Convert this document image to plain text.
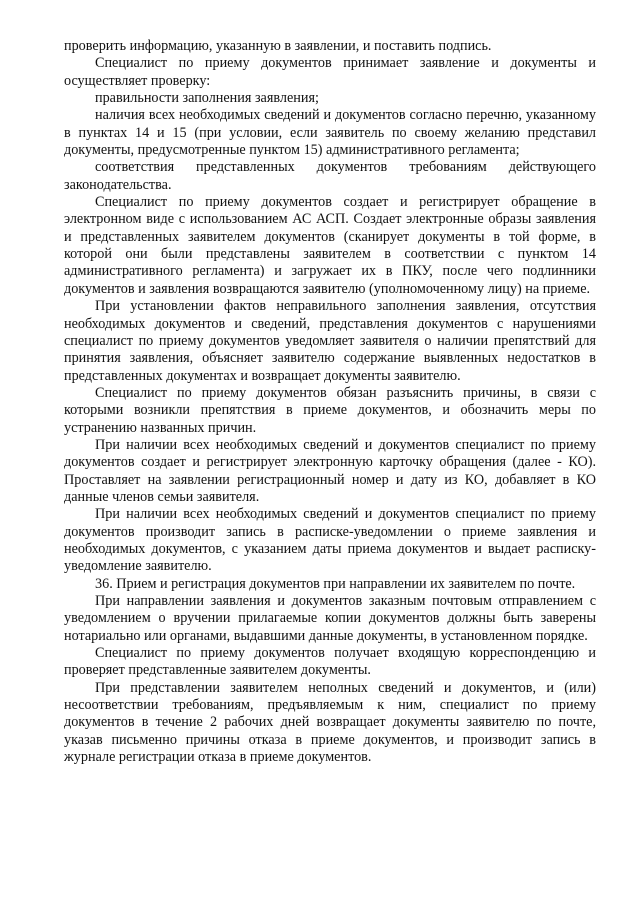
проверить информацию, указанную в заявлении, и поставить подпись.

Специалист по приему документов принимает заявление и документы и осуществляет проверку:

правильности заполнения заявления;

наличия всех необходимых сведений и документов согласно перечню, указанному в пунктах 14 и 15 (при условии, если заявитель по своему желанию представил документы, предусмотренные пунктом 15) административного регламента;

соответствия представленных документов требованиям действующего законодательства.

Специалист по приему документов создает и регистрирует обращение в электронном виде с использованием АС АСП. Создает электронные образы заявления и представленных заявителем документов (сканирует документы в той форме, в которой они были представлены заявителем в соответствии с пунктом 14 административного регламента) и загружает их в ПКУ, после чего подлинники документов и заявления возвращаются заявителю (уполномоченному лицу) на приеме.

При установлении фактов неправильного заполнения заявления, отсутствия необходимых документов и сведений, представления документов с нарушениями специалист по приему документов уведомляет заявителя о наличии препятствий для принятия заявления, объясняет заявителю содержание выявленных недостатков в представленных документах и возвращает документы заявителю.

Специалист по приему документов обязан разъяснить причины, в связи с которыми возникли препятствия в приеме документов, и обозначить меры по устранению названных причин.

При наличии всех необходимых сведений и документов специалист по приему документов создает и регистрирует электронную карточку обращения (далее - КО). Проставляет на заявлении регистрационный номер и дату из КО, добавляет в КО данные членов семьи заявителя.

При наличии всех необходимых сведений и документов специалист по приему документов производит запись в расписке-уведомлении о приеме заявления и необходимых документов, с указанием даты приема документов и выдает расписку-уведомление заявителю.

36. Прием и регистрация документов при направлении их заявителем по почте.

При направлении заявления и документов заказным почтовым отправлением с уведомлением о вручении прилагаемые копии документов должны быть заверены нотариально или органами, выдавшими данные документы, в установленном порядке.

Специалист по приему документов получает входящую корреспонденцию и проверяет представленные заявителем документы.

При представлении заявителем неполных сведений и документов, и (или) несоответствии требованиям, предъявляемым к ним, специалист по приему документов в течение 2 рабочих дней возвращает документы заявителю по почте, указав письменно причины отказа в приеме документов, и производит запись в журнале регистрации отказа в приеме документов.
